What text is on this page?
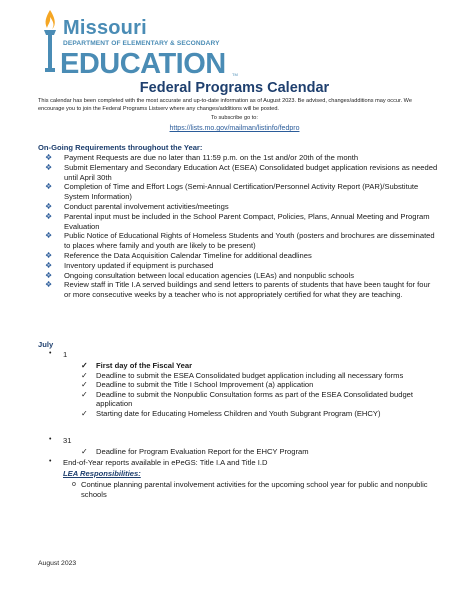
Missouri
DEPARTMENT OF ELEMENTARY & SECONDARY
EDUCATION TM
Federal Programs Calendar
This calendar has been completed with the most accurate and up-to-date information as of August 2023. Be advised, changes/additions may occur. We encourage you to join the Federal Programs Listserv where any changes/additions will be posted.
To subscribe go to:
https://lists.mo.gov/mailman/listinfo/fedpro
On-Going Requirements throughout the Year:
❖ Payment Requests are due no later than 11:59 p.m. on the 1st and/or 20th of the month
❖ Submit Elementary and Secondary Education Act (ESEA) Consolidated budget application revisions as needed until April 30th
❖ Completion of Time and Effort Logs (Semi-Annual Certification/Personnel Activity Report (PAR)/Substitute System Information)
❖ Conduct parental involvement activities/meetings
❖ Parental input must be included in the School Parent Compact, Policies, Plans, Annual Meeting and Program Evaluation
❖ Public Notice of Educational Rights of Homeless Students and Youth (posters and brochures are disseminated to places where family and youth are likely to be present)
❖ Reference the Data Acquisition Calendar Timeline for additional deadlines
❖ Inventory updated if equipment is purchased
❖ Ongoing consultation between local education agencies (LEAs) and nonpublic schools
❖ Review staff in Title I.A served buildings and send letters to parents of students that have been taught for four or more consecutive weeks by a teacher who is not appropriately certified for what they are teaching.
July
• 1
✓ First day of the Fiscal Year
✓ Deadline to submit the ESEA Consolidated budget application including all necessary forms
✓ Deadline to submit the Title I School Improvement (a) application
✓ Deadline to submit the Nonpublic Consultation forms as part of the ESEA Consolidated budget application
✓ Starting date for Educating Homeless Children and Youth Subgrant Program (EHCY)
• 31
✓ Deadline for Program Evaluation Report for the EHCY Program
• End-of-Year reports available in ePeGS: Title I.A and Title I.D
LEA Responsibilities:
o Continue planning parental involvement activities for the upcoming school year for public and nonpublic schools
August 2023
